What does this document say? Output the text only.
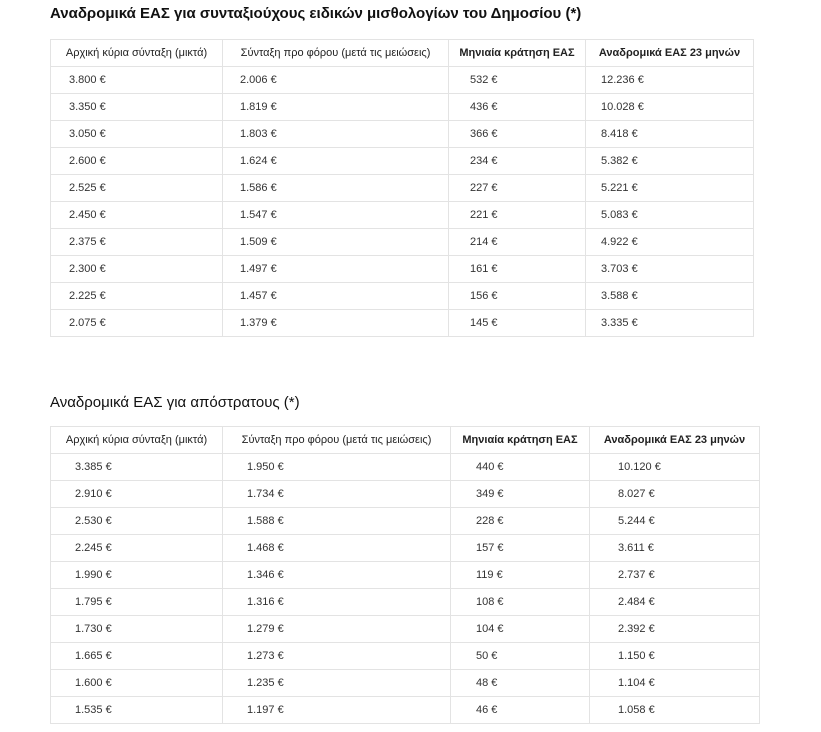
Αναδρομικά ΕΑΣ για συνταξιούχους ειδικών μισθολογίων του Δημοσίου (*)
Αρχική κύρια σύνταξη (μικτά)	Σύνταξη προ φόρου (μετά τις μειώσεις)	Μηνιαία κράτηση ΕΑΣ	Αναδρομικά ΕΑΣ 23 μηνών
3.800 €	2.006 €	532 €	12.236 €
3.350 €	1.819 €	436 €	10.028 €
3.050 €	1.803 €	366 €	8.418 €
2.600 €	1.624 €	234 €	5.382 €
2.525 €	1.586 €	227 €	5.221 €
2.450 €	1.547 €	221 €	5.083 €
2.375 €	1.509 €	214 €	4.922 €
2.300 €	1.497 €	161 €	3.703 €
2.225 €	1.457 €	156 €	3.588 €
2.075 €	1.379 €	145 €	3.335 €
Αναδρομικά ΕΑΣ για απόστρατους (*)
Αρχική κύρια σύνταξη (μικτά)	Σύνταξη προ φόρου (μετά τις μειώσεις)	Μηνιαία κράτηση ΕΑΣ	Αναδρομικά ΕΑΣ 23 μηνών
3.385 €	1.950 €	440 €	10.120 €
2.910 €	1.734 €	349 €	8.027 €
2.530 €	1.588 €	228 €	5.244 €
2.245 €	1.468 €	157 €	3.611 €
1.990 €	1.346 €	119 €	2.737 €
1.795 €	1.316 €	108 €	2.484 €
1.730 €	1.279 €	104 €	2.392 €
1.665 €	1.273 €	50 €	1.150 €
1.600 €	1.235 €	48 €	1.104 €
1.535 €	1.197 €	46 €	1.058 €
